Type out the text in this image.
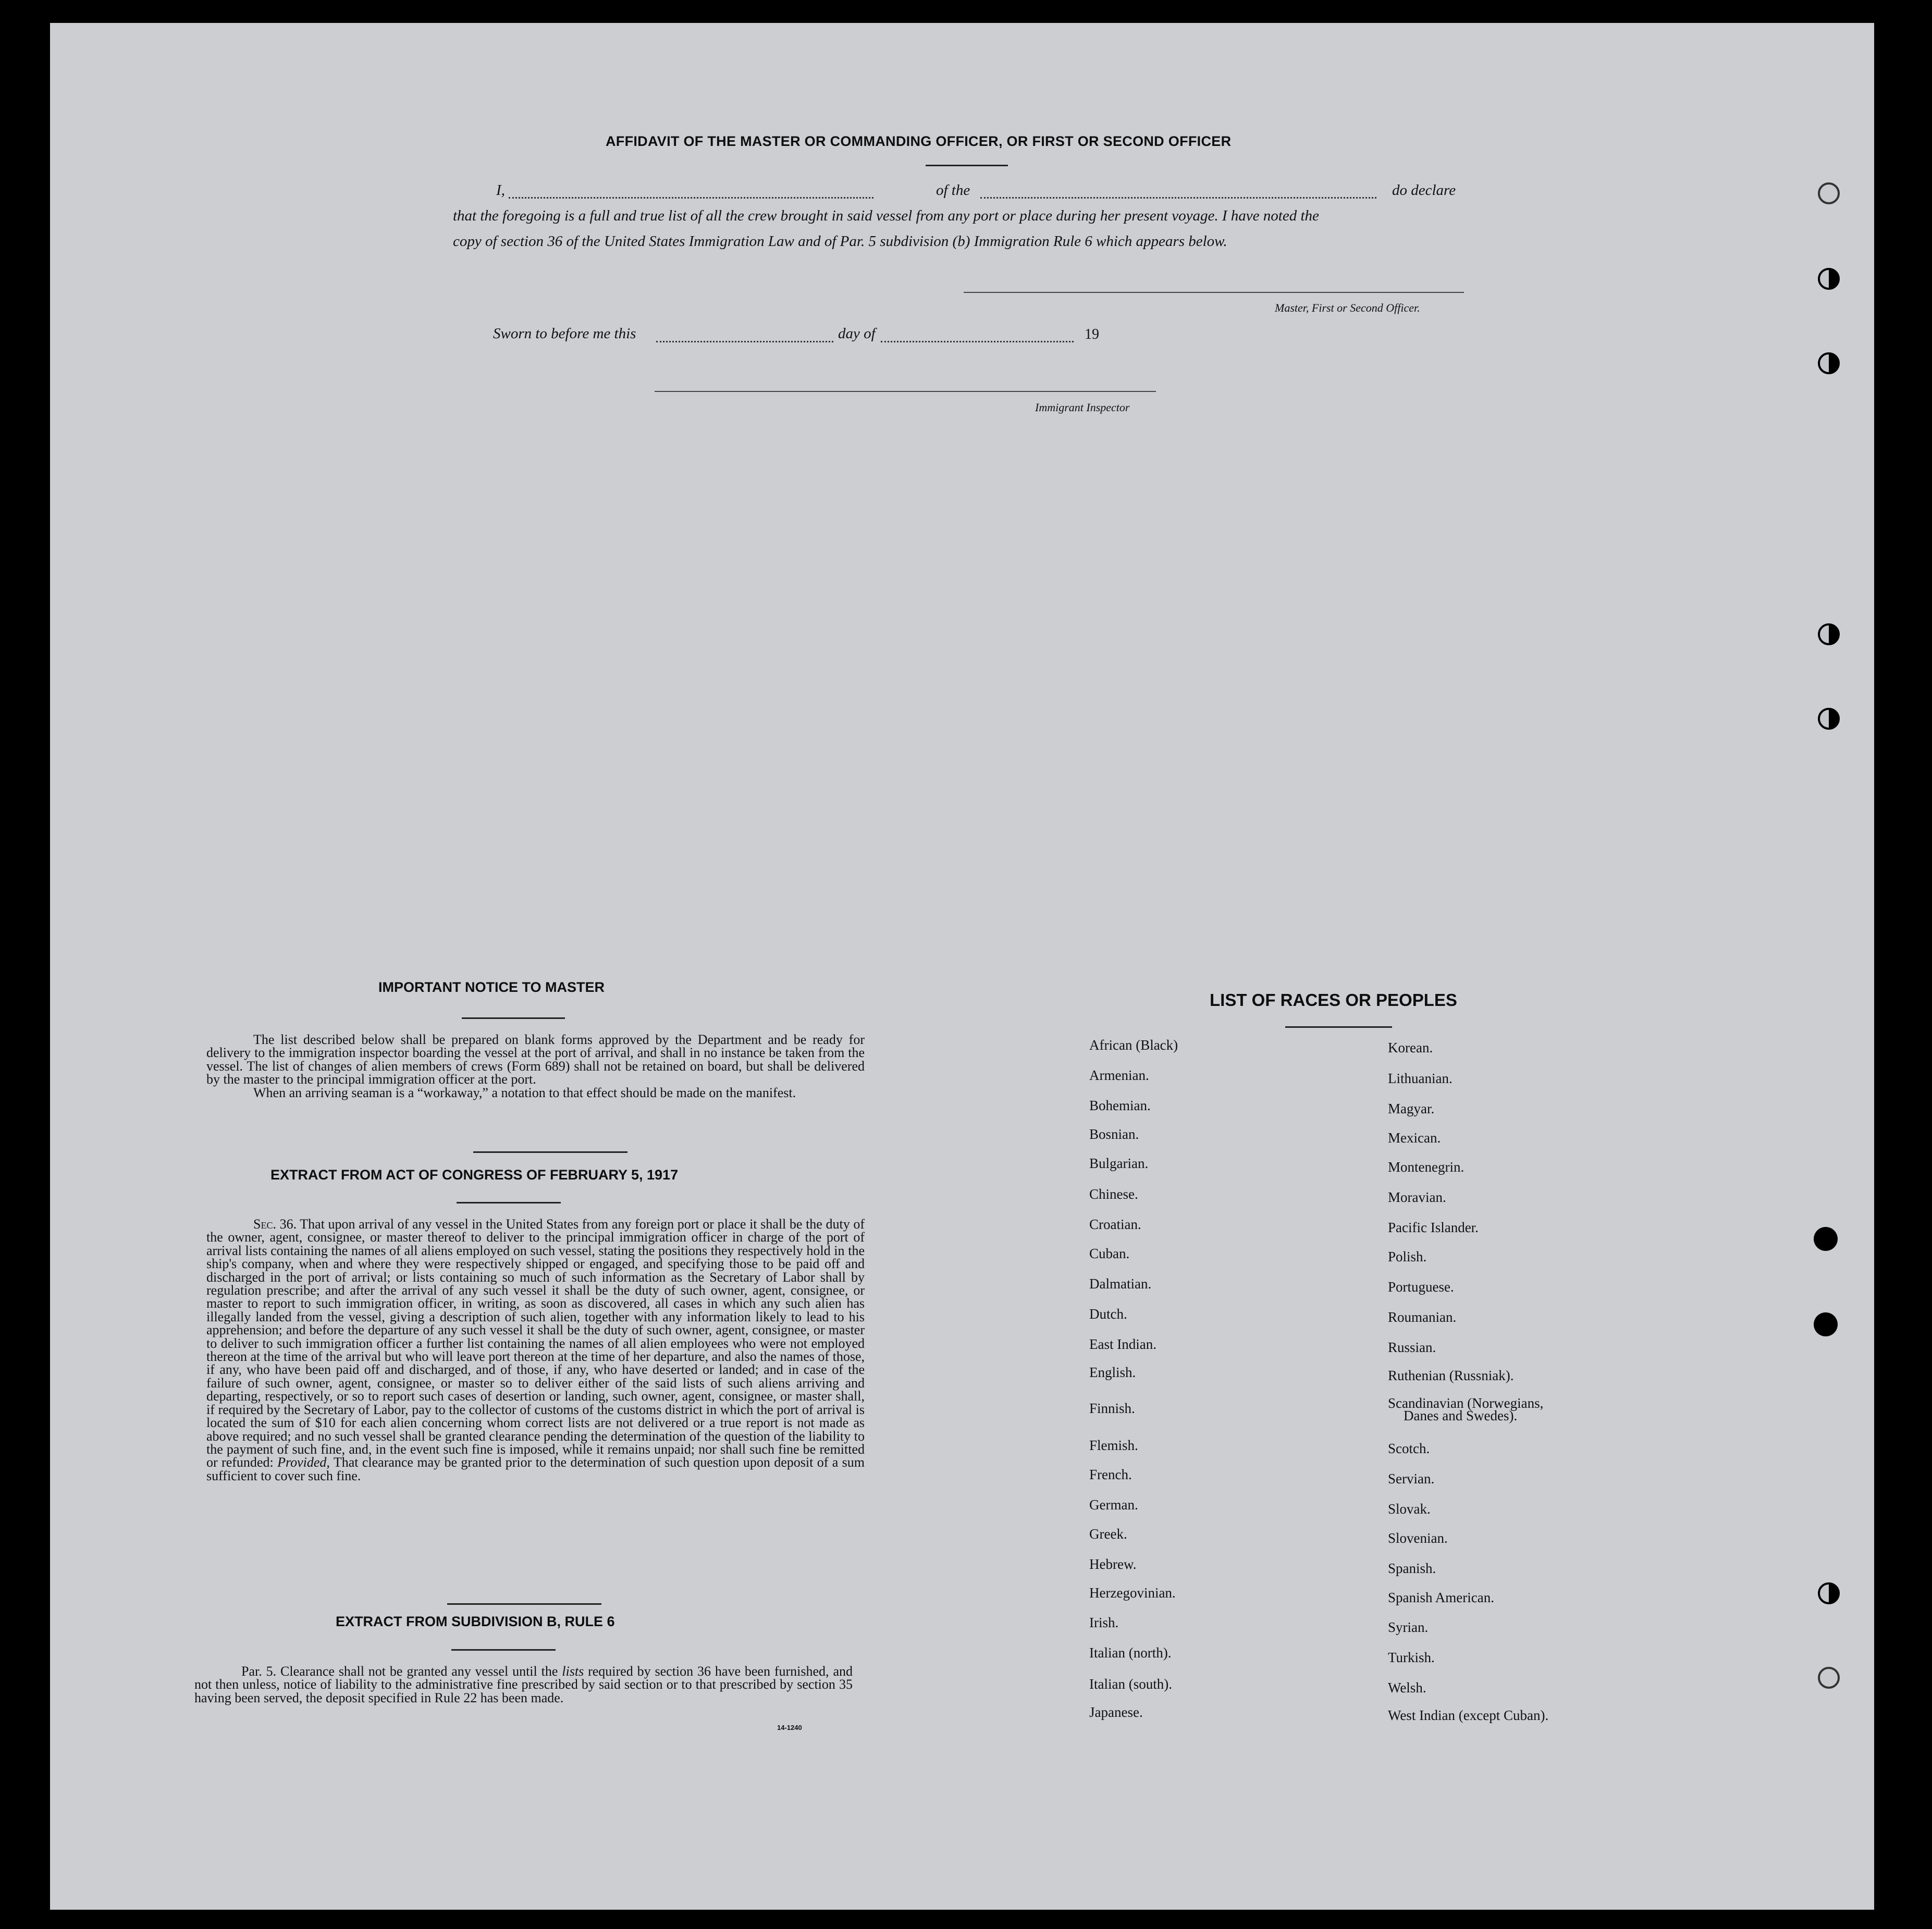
AFFIDAVIT OF THE MASTER OR COMMANDING OFFICER, OR FIRST OR SECOND OFFICER
I,	of the	do declare
that the foregoing is a full and true list of all the crew brought in said vessel from any port or place during her present voyage. I have noted the
copy of section 36 of the United States Immigration Law and of Par. 5 subdivision (b) Immigration Rule 6 which appears below.
Master, First or Second Officer.
Sworn to before me this	day of	19
Immigrant Inspector
IMPORTANT NOTICE TO MASTER
The list described below shall be prepared on blank forms approved by the Department and be ready for delivery to the immigration inspector boarding the vessel at the port of arrival, and shall in no instance be taken from the vessel. The list of changes of alien members of crews (Form 689) shall not be retained on board, but shall be delivered by the master to the principal immigration officer at the port.
When an arriving seaman is a “workaway,” a notation to that effect should be made on the manifest.
EXTRACT FROM ACT OF CONGRESS OF FEBRUARY 5, 1917
Sec. 36. That upon arrival of any vessel in the United States from any foreign port or place it shall be the duty of the owner, agent, consignee, or master thereof to deliver to the principal immigration officer in charge of the port of arrival lists containing the names of all aliens employed on such vessel, stating the positions they respectively hold in the ship's company, when and where they were respectively shipped or engaged, and specifying those to be paid off and discharged in the port of arrival; or lists containing so much of such information as the Secretary of Labor shall by regulation prescribe; and after the arrival of any such vessel it shall be the duty of such owner, agent, consignee, or master to report to such immigration officer, in writing, as soon as discovered, all cases in which any such alien has illegally landed from the vessel, giving a description of such alien, together with any information likely to lead to his apprehension; and before the departure of any such vessel it shall be the duty of such owner, agent, consignee, or master to deliver to such immigration officer a further list containing the names of all alien employees who were not employed thereon at the time of the arrival but who will leave port thereon at the time of her departure, and also the names of those, if any, who have been paid off and discharged, and of those, if any, who have deserted or landed; and in case of the failure of such owner, agent, consignee, or master so to deliver either of the said lists of such aliens arriving and departing, respectively, or so to report such cases of desertion or landing, such owner, agent, consignee, or master shall, if required by the Secretary of Labor, pay to the collector of customs of the customs district in which the port of arrival is located the sum of $10 for each alien concerning whom correct lists are not delivered or a true report is not made as above required; and no such vessel shall be granted clearance pending the determination of the question of the liability to the payment of such fine, and, in the event such fine is imposed, while it remains unpaid; nor shall such fine be remitted or refunded: Provided, That clearance may be granted prior to the determination of such question upon deposit of a sum sufficient to cover such fine.
EXTRACT FROM SUBDIVISION B, RULE 6
Par. 5. Clearance shall not be granted any vessel until the lists required by section 36 have been furnished, and not then unless, notice of liability to the administrative fine prescribed by said section or to that prescribed by section 35 having been served, the deposit specified in Rule 22 has been made.
14-1240
LIST OF RACES OR PEOPLES
African (Black)
Armenian.
Bohemian.
Bosnian.
Bulgarian.
Chinese.
Croatian.
Cuban.
Dalmatian.
Dutch.
East Indian.
English.
Finnish.
Flemish.
French.
German.
Greek.
Hebrew.
Herzegovinian.
Irish.
Italian (north).
Italian (south).
Japanese.
Korean.
Lithuanian.
Magyar.
Mexican.
Montenegrin.
Moravian.
Pacific Islander.
Polish.
Portuguese.
Roumanian.
Russian.
Ruthenian (Russniak).
Scandinavian (Norwegians,
Danes and Swedes).
Scotch.
Servian.
Slovak.
Slovenian.
Spanish.
Spanish American.
Syrian.
Turkish.
Welsh.
West Indian (except Cuban).
